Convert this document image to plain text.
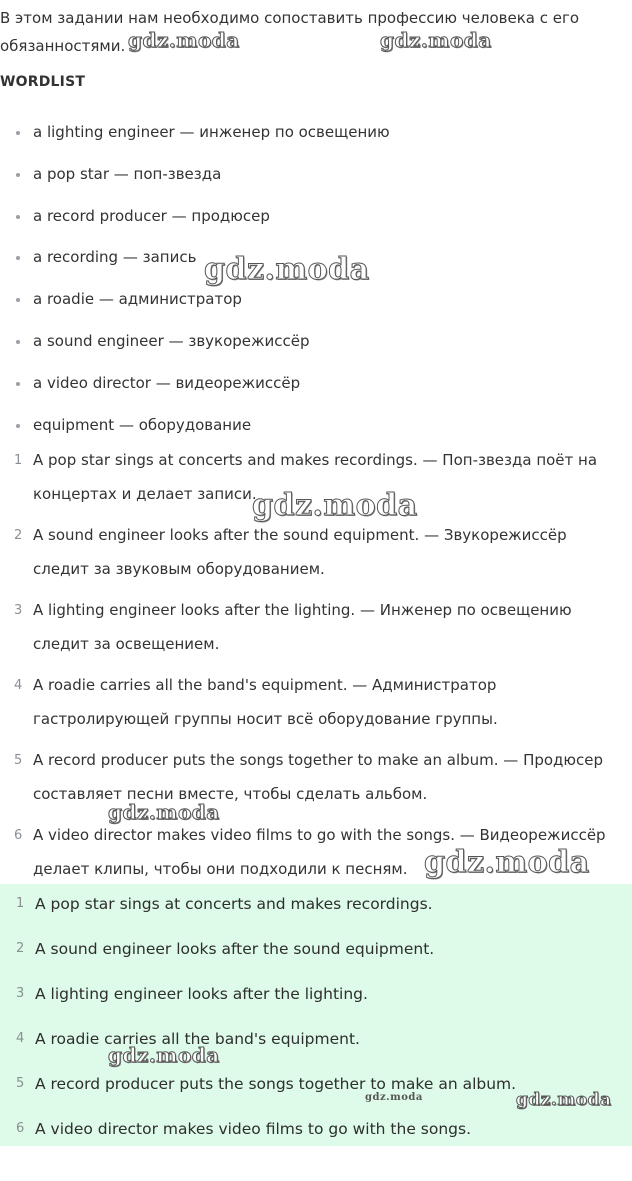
В этом задании нам необходимо сопоставить профессию человека с его обязанностями.

WORDLIST

a lighting engineer — инженер по освещению
a pop star — поп-звезда
a record producer — продюсер
a recording — запись
a roadie — администратор
a sound engineer — звукорежиссёр
a video director — видеорежиссёр
equipment — оборудование
1 A pop star sings at concerts and makes recordings. — Поп-звезда поёт на концертах и делает записи.
2 A sound engineer looks after the sound equipment. — Звукорежиссёр следит за звуковым оборудованием.
3 A lighting engineer looks after the lighting. — Инженер по освещению следит за освещением.
4 A roadie carries all the band's equipment. — Администратор гастролирующей группы носит всё оборудование группы.
5 A record producer puts the songs together to make an album. — Продюсер составляет песни вместе, чтобы сделать альбом.
6 A video director makes video films to go with the songs. — Видеорежиссёр делает клипы, чтобы они подходили к песням.
1 A pop star sings at concerts and makes recordings.
2 A sound engineer looks after the sound equipment.
3 A lighting engineer looks after the lighting.
4 A roadie carries all the band's equipment.
5 A record producer puts the songs together to make an album.
6 A video director makes video films to go with the songs.
gdz.moda	gdz.moda
gdz.moda
gdz.moda
gdz.moda
gdz.moda
gdz.moda
gdz.moda	gdz.moda
